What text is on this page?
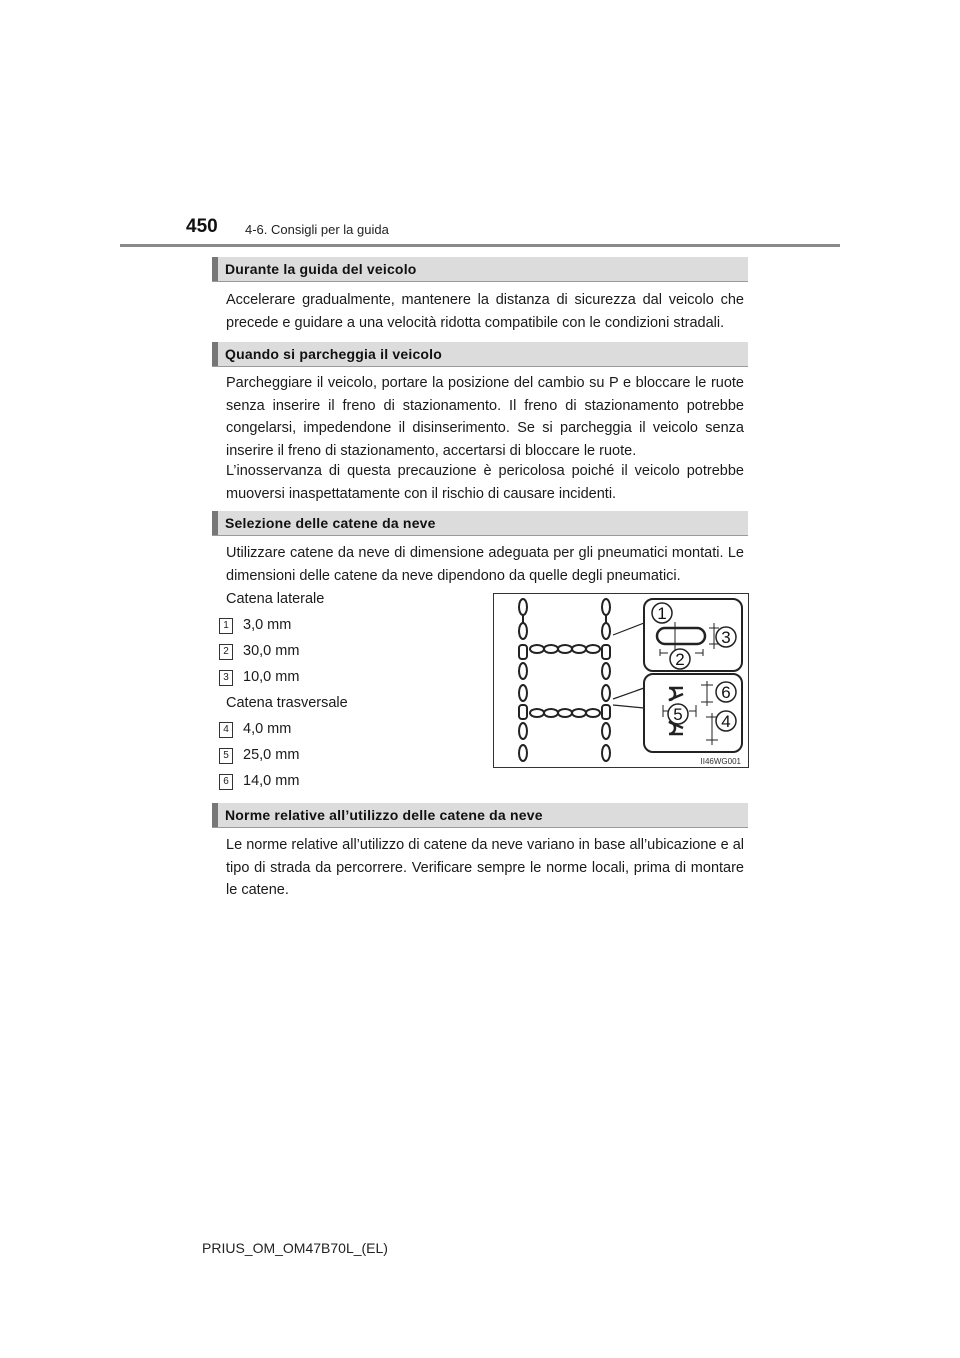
450 4-6. Consigli per la guida
Durante la guida del veicolo
Accelerare gradualmente, mantenere la distanza di sicurezza dal veicolo che precede e guidare a una velocità ridotta compatibile con le condizioni stradali.
Quando si parcheggia il veicolo
Parcheggiare il veicolo, portare la posizione del cambio su P e bloccare le ruote senza inserire il freno di stazionamento. Il freno di stazionamento potrebbe congelarsi, impedendone il disinserimento. Se si parcheggia il veicolo senza inserire il freno di stazionamento, accertarsi di bloccare le ruote.
L’inosservanza di questa precauzione è pericolosa poiché il veicolo potrebbe muoversi inaspettatamente con il rischio di causare incidenti.
Selezione delle catene da neve
Utilizzare catene da neve di dimensione adeguata per gli pneumatici montati. Le dimensioni delle catene da neve dipendono da quelle degli pneumatici.
Catena laterale
1 3,0 mm
2 30,0 mm
3 10,0 mm
Catena trasversale
4 4,0 mm
5 25,0 mm
6 14,0 mm
1
2
3
6
5 4
II46WG001
Norme relative all’utilizzo delle catene da neve
Le norme relative all’utilizzo di catene da neve variano in base all’ubicazione e al tipo di strada da percorrere. Verificare sempre le norme locali, prima di montare le catene.
PRIUS_OM_OM47B70L_(EL)
